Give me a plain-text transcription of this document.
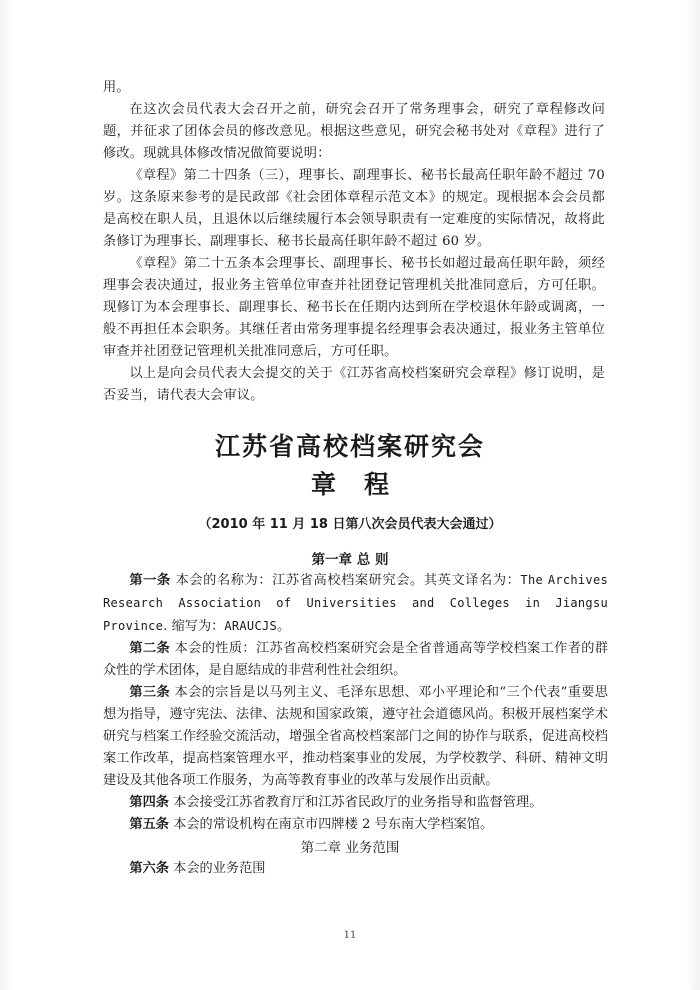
用。

在这次会员代表大会召开之前，研究会召开了常务理事会，研究了章程修改问题，并征求了团体会员的修改意见。根据这些意见，研究会秘书处对《章程》进行了修改。现就具体修改情况做简要说明：

《章程》第二十四条（三），理事长、副理事长、秘书长最高任职年龄不超过 70 岁。这条原来参考的是民政部《社会团体章程示范文本》的规定。现根据本会会员都是高校在职人员，且退休以后继续履行本会领导职责有一定难度的实际情况，故将此条修订为理事长、副理事长、秘书长最高任职年龄不超过 60 岁。

《章程》第二十五条本会理事长、副理事长、秘书长如超过最高任职年龄，须经理事会表决通过，报业务主管单位审查并社团登记管理机关批准同意后，方可任职。现修订为本会理事长、副理事长、秘书长在任期内达到所在学校退休年龄或调离，一般不再担任本会职务。其继任者由常务理事提名经理事会表决通过，报业务主管单位审查并社团登记管理机关批准同意后，方可任职。

以上是向会员代表大会提交的关于《江苏省高校档案研究会章程》修订说明，是否妥当，请代表大会审议。

江苏省高校档案研究会
章程
（2010 年 11 月 18 日第八次会员代表大会通过）
第一章 总 则

第一条 本会的名称为：江苏省高校档案研究会。其英文译名为：The Archives Research Association of Universities and Colleges in Jiangsu Province. 缩写为：ARAUCJS。

第二条 本会的性质：江苏省高校档案研究会是全省普通高等学校档案工作者的群众性的学术团体，是自愿结成的非营利性社会组织。

第三条 本会的宗旨是以马列主义、毛泽东思想、邓小平理论和“三个代表”重要思想为指导，遵守宪法、法律、法规和国家政策，遵守社会道德风尚。积极开展档案学术研究与档案工作经验交流活动，增强全省高校档案部门之间的协作与联系，促进高校档案工作改革，提高档案管理水平，推动档案事业的发展，为学校教学、科研、精神文明建设及其他各项工作服务，为高等教育事业的改革与发展作出贡献。

第四条 本会接受江苏省教育厅和江苏省民政厅的业务指导和监督管理。

第五条 本会的常设机构在南京市四牌楼 2 号东南大学档案馆。

第二章 业务范围

第六条 本会的业务范围

11
